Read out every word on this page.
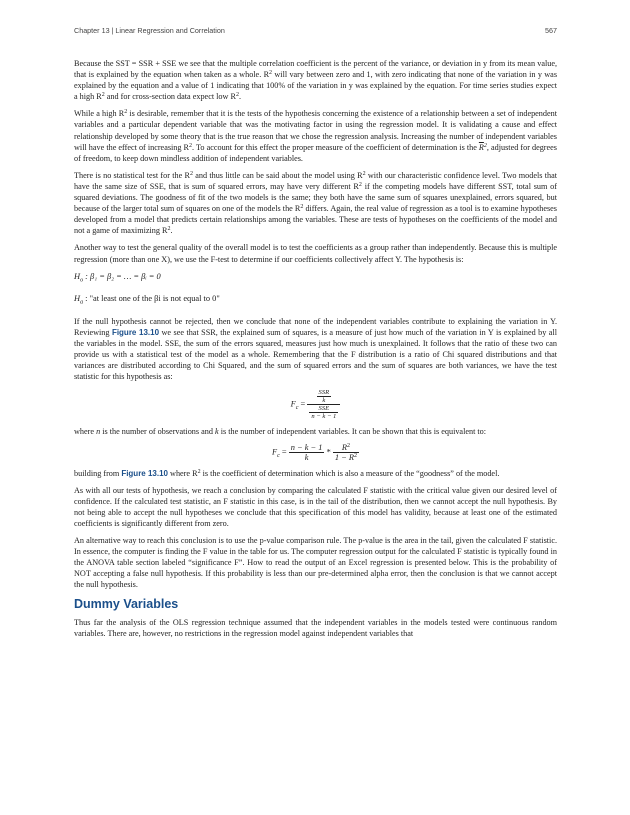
Chapter 13 | Linear Regression and Correlation	567

Because the SST = SSR + SSE we see that the multiple correlation coefficient is the percent of the variance, or deviation in y from its mean value, that is explained by the equation when taken as a whole. $R^2$ will vary between zero and 1, with zero indicating that none of the variation in y was explained by the equation and a value of 1 indicating that 100% of the variation in y was explained by the equation. For time series studies expect a high $R^2$ and for cross-section data expect low $R^2$.

While a high $R^2$ is desirable, remember that it is the tests of the hypothesis concerning the existence of a relationship between a set of independent variables and a particular dependent variable that was the motivating factor in using the regression model. It is validating a cause and effect relationship developed by some theory that is the true reason that we chose the regression analysis. Increasing the number of independent variables will have the effect of increasing $R^2$. To account for this effect the proper measure of the coefficient of determination is the $\overline{R}^2$, adjusted for degrees of freedom, to keep down mindless addition of independent variables.

There is no statistical test for the $R^2$ and thus little can be said about the model using $R^2$ with our characteristic confidence level. Two models that have the same size of SSE, that is sum of squared errors, may have very different $R^2$ if the competing models have different SST, total sum of squared deviations. The goodness of fit of the two models is the same; they both have the same sum of squares unexplained, errors squared, but because of the larger total sum of squares on one of the models the $R^2$ differs. Again, the real value of regression as a tool is to examine hypotheses developed from a model that predicts certain relationships among the variables. These are tests of hypotheses on the coefficients of the model and not a game of maximizing $R^2$.

Another way to test the general quality of the overall model is to test the coefficients as a group rather than independently. Because this is multiple regression (more than one X), we use the F-test to determine if our coefficients collectively affect Y. The hypothesis is:

$H_o$ : β₁ = β₂ = … = βᵢ = 0
$H_a$ : "at least one of the βi is not equal to 0"

If the null hypothesis cannot be rejected, then we conclude that none of the independent variables contribute to explaining the variation in Y. Reviewing Figure 13.10 we see that SSR, the explained sum of squares, is a measure of just how much of the variation in Y is explained by all the variables in the model. SSE, the sum of the errors squared, measures just how much is unexplained. It follows that the ratio of these two can provide us with a statistical test of the model as a whole. Remembering that the F distribution is a ratio of Chi squared distributions and that variances are distributed according to Chi Squared, and the sum of squared errors and the sum of squares are both variances, we have the test statistic for this hypothesis as:

$F_c = \frac{\frac{\text{SSR}}{k}}{\frac{\text{SSE}}{n - k - 1}}$

where n is the number of observations and k is the number of independent variables. It can be shown that this is equivalent to:

$F_c = \frac{n - k - 1}{k} * \frac{R^2}{1 - R^2}$

building from Figure 13.10 where $R^2$ is the coefficient of determination which is also a measure of the “goodness” of the model.

As with all our tests of hypothesis, we reach a conclusion by comparing the calculated F statistic with the critical value given our desired level of confidence. If the calculated test statistic, an F statistic in this case, is in the tail of the distribution, then we cannot accept the null hypothesis. By not being able to accept the null hypotheses we conclude that this specification of this model has validity, because at least one of the estimated coefficients is significantly different from zero.

An alternative way to reach this conclusion is to use the p-value comparison rule. The p-value is the area in the tail, given the calculated F statistic. In essence, the computer is finding the F value in the table for us. The computer regression output for the calculated F statistic is typically found in the ANOVA table section labeled “significance F”. How to read the output of an Excel regression is presented below. This is the probability of NOT accepting a false null hypothesis. If this probability is less than our pre-determined alpha error, then the conclusion is that we cannot accept the null hypothesis.

Dummy Variables

Thus far the analysis of the OLS regression technique assumed that the independent variables in the models tested were continuous random variables. There are, however, no restrictions in the regression model against independent variables that
